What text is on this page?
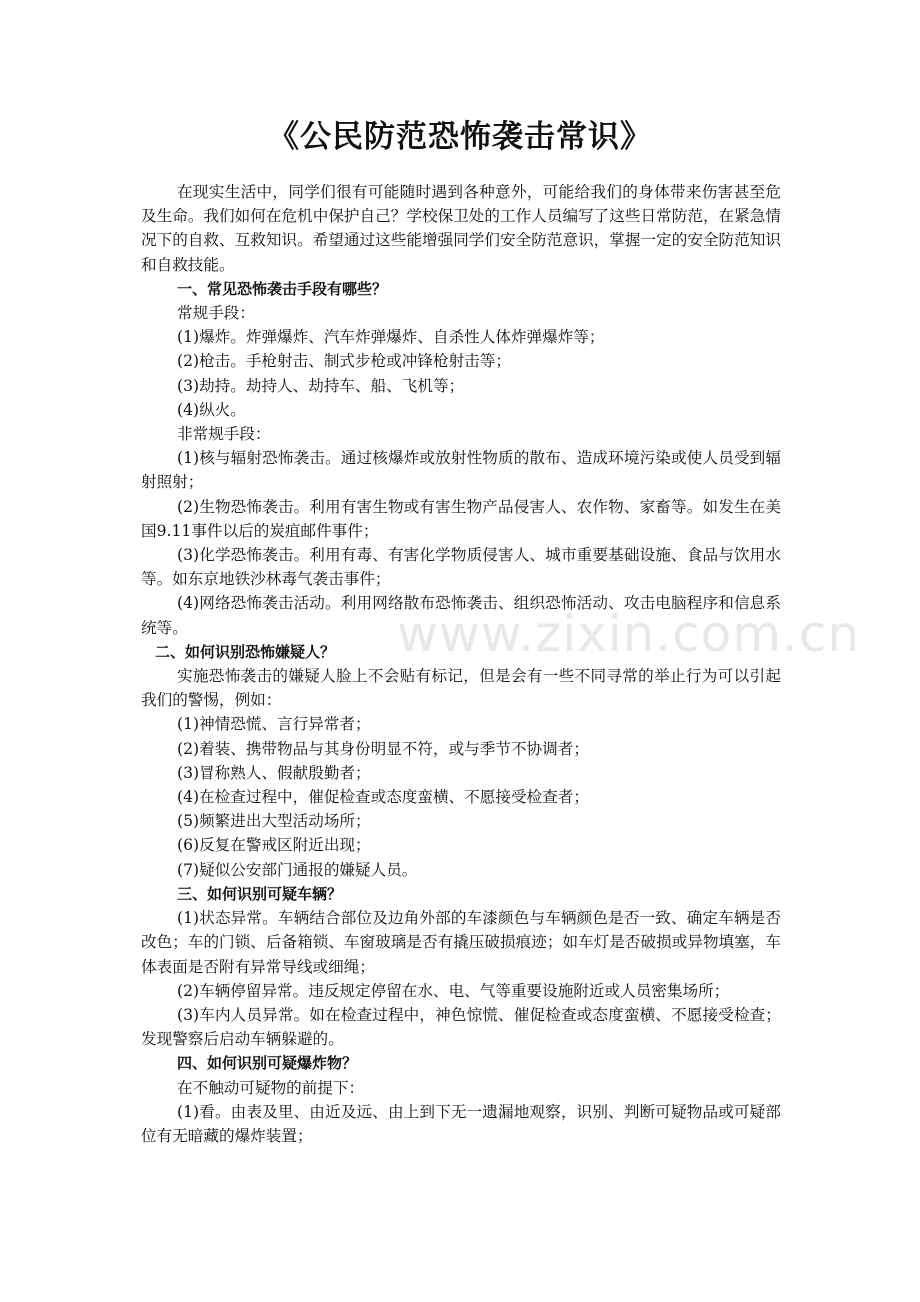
《公民防范恐怖袭击常识》
www.zixin.com.cn

在现实生活中，同学们很有可能随时遇到各种意外，可能给我们的身体带来伤害甚至危及生命。我们如何在危机中保护自己？学校保卫处的工作人员编写了这些日常防范，在紧急情况下的自救、互救知识。希望通过这些能增强同学们安全防范意识，掌握一定的安全防范知识和自救技能。

一、常见恐怖袭击手段有哪些？

常规手段：

(1)爆炸。炸弹爆炸、汽车炸弹爆炸、自杀性人体炸弹爆炸等；

(2)枪击。手枪射击、制式步枪或冲锋枪射击等；

(3)劫持。劫持人、劫持车、船、飞机等；

(4)纵火。

非常规手段：

(1)核与辐射恐怖袭击。通过核爆炸或放射性物质的散布、造成环境污染或使人员受到辐射照射；

(2)生物恐怖袭击。利用有害生物或有害生物产品侵害人、农作物、家畜等。如发生在美国9.11事件以后的炭疽邮件事件；

(3)化学恐怖袭击。利用有毒、有害化学物质侵害人、城市重要基础设施、食品与饮用水等。如东京地铁沙林毒气袭击事件；

(4)网络恐怖袭击活动。利用网络散布恐怖袭击、组织恐怖活动、攻击电脑程序和信息系统等。

二、如何识别恐怖嫌疑人？

实施恐怖袭击的嫌疑人脸上不会贴有标记，但是会有一些不同寻常的举止行为可以引起我们的警惕，例如：

(1)神情恐慌、言行异常者；

(2)着装、携带物品与其身份明显不符，或与季节不协调者；

(3)冒称熟人、假献殷勤者；

(4)在检查过程中，催促检查或态度蛮横、不愿接受检查者；

(5)频繁进出大型活动场所；

(6)反复在警戒区附近出现；

(7)疑似公安部门通报的嫌疑人员。

三、如何识别可疑车辆？

(1)状态异常。车辆结合部位及边角外部的车漆颜色与车辆颜色是否一致、确定车辆是否改色；车的门锁、后备箱锁、车窗玻璃是否有撬压破损痕迹；如车灯是否破损或异物填塞，车体表面是否附有异常导线或细绳；

(2)车辆停留异常。违反规定停留在水、电、气等重要设施附近或人员密集场所；

(3)车内人员异常。如在检查过程中，神色惊慌、催促检查或态度蛮横、不愿接受检查；发现警察后启动车辆躲避的。

四、如何识别可疑爆炸物？

在不触动可疑物的前提下：

(1)看。由表及里、由近及远、由上到下无一遗漏地观察，识别、判断可疑物品或可疑部位有无暗藏的爆炸装置；
